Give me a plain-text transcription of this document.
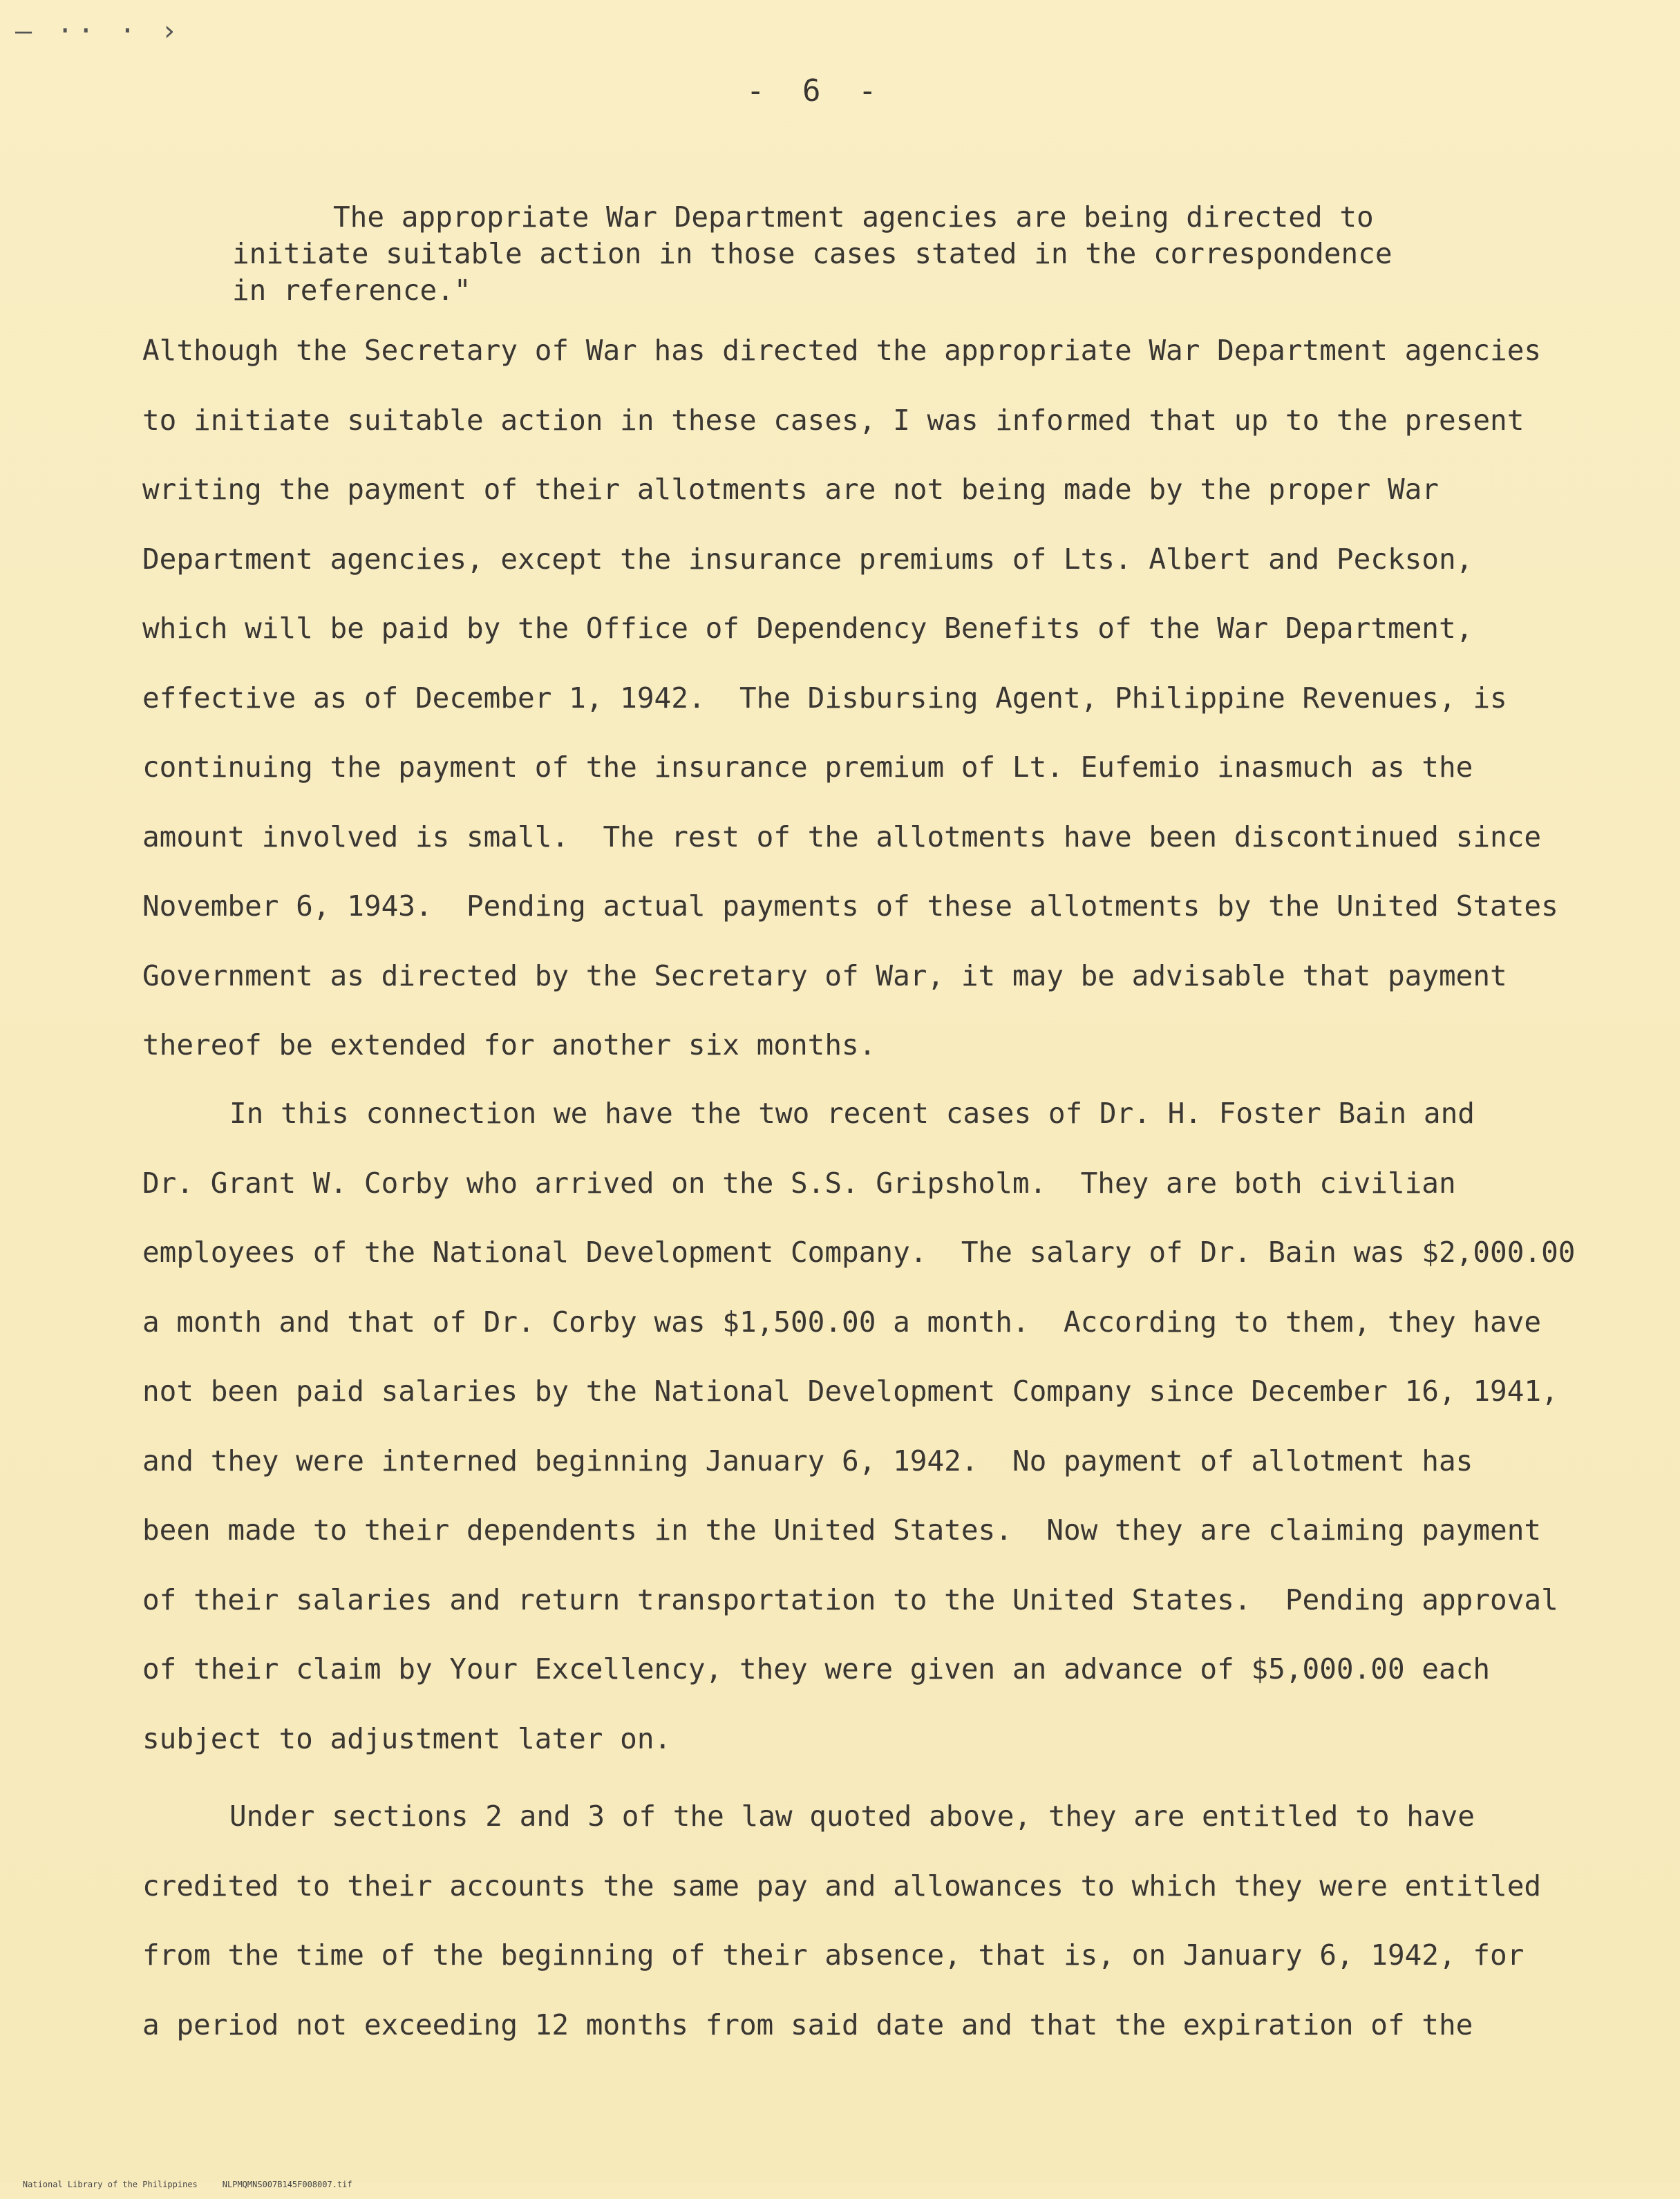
— ·· · ›
- 6 -
The appropriate War Department agencies are being directed to
initiate suitable action in those cases stated in the correspondence
in reference."
Although the Secretary of War has directed the appropriate War Department agencies
to initiate suitable action in these cases, I was informed that up to the present
writing the payment of their allotments are not being made by the proper War
Department agencies, except the insurance premiums of Lts. Albert and Peckson,
which will be paid by the Office of Dependency Benefits of the War Department,
effective as of December 1, 1942.  The Disbursing Agent, Philippine Revenues, is
continuing the payment of the insurance premium of Lt. Eufemio inasmuch as the
amount involved is small.  The rest of the allotments have been discontinued since
November 6, 1943.  Pending actual payments of these allotments by the United States
Government as directed by the Secretary of War, it may be advisable that payment
thereof be extended for another six months.
In this connection we have the two recent cases of Dr. H. Foster Bain and
Dr. Grant W. Corby who arrived on the S.S. Gripsholm.  They are both civilian
employees of the National Development Company.  The salary of Dr. Bain was $2,000.00
a month and that of Dr. Corby was $1,500.00 a month.  According to them, they have
not been paid salaries by the National Development Company since December 16, 1941,
and they were interned beginning January 6, 1942.  No payment of allotment has
been made to their dependents in the United States.  Now they are claiming payment
of their salaries and return transportation to the United States.  Pending approval
of their claim by Your Excellency, they were given an advance of $5,000.00 each
subject to adjustment later on.
Under sections 2 and 3 of the law quoted above, they are entitled to have
credited to their accounts the same pay and allowances to which they were entitled
from the time of the beginning of their absence, that is, on January 6, 1942, for
a period not exceeding 12 months from said date and that the expiration of the

National Library of the Philippines	NLPMQMNS007B145F008007.tif
